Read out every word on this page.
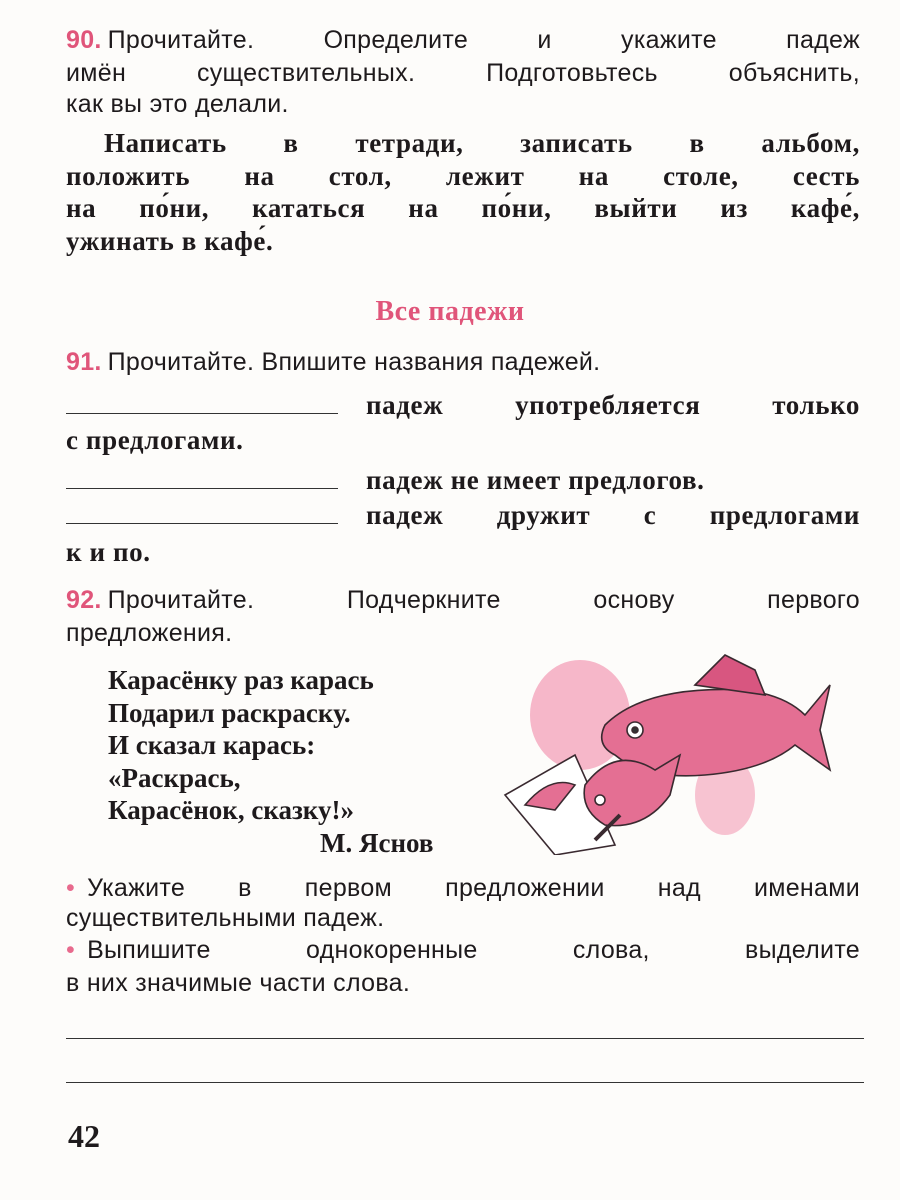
90. Прочитайте. Определите и укажите падеж
имён существительных. Подготовьтесь объяснить,
как вы это делали.
Написать в тетради, записать в альбом,
положить на стол, лежит на столе, сесть
на по́ни, кататься на по́ни, выйти из кафе́,
ужинать в кафе́.
Все падежи
91. Прочитайте. Впишите названия падежей.
падеж употребляется только
с предлогами.
падеж не имеет предлогов.
падеж дружит с предлогами
к и по.
92. Прочитайте. Подчеркните основу первого
предложения.
Карасёнку раз карась
Подарил раскраску.
И сказал карась:
«Раскрась,
Карасёнок, сказку!»
М. Яснов
• Укажите в первом предложении над именами
существительными падеж.
• Выпишите однокоренные слова, выделите
в них значимые части слова.
42
